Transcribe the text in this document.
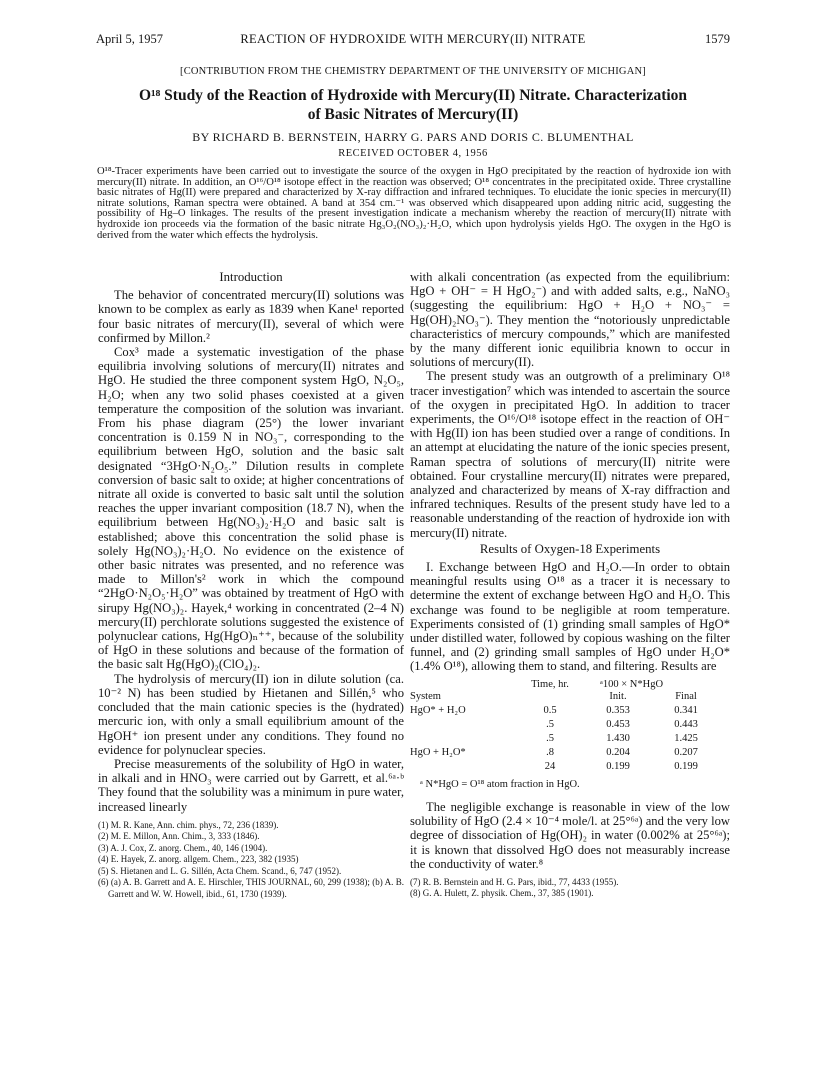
April 5, 1957	REACTION OF HYDROXIDE WITH MERCURY(II) NITRATE	1579
[CONTRIBUTION FROM THE CHEMISTRY DEPARTMENT OF THE UNIVERSITY OF MICHIGAN]
O¹⁸ Study of the Reaction of Hydroxide with Mercury(II) Nitrate. Characterization
of Basic Nitrates of Mercury(II)
BY RICHARD B. BERNSTEIN, HARRY G. PARS AND DORIS C. BLUMENTHAL
RECEIVED OCTOBER 4, 1956
O¹⁸-Tracer experiments have been carried out to investigate the source of the oxygen in HgO precipitated by the reaction of hydroxide ion with mercury(II) nitrate. In addition, an O¹⁶/O¹⁸ isotope effect in the reaction was observed; O¹⁸ concentrates in the precipitated oxide. Three crystalline basic nitrates of Hg(II) were prepared and characterized by X-ray diffraction and infrared techniques. To elucidate the ionic species in mercury(II) nitrate solutions, Raman spectra were obtained. A band at 354 cm.⁻¹ was observed which disappeared upon adding nitric acid, suggesting the possibility of Hg–O linkages. The results of the present investigation indicate a mechanism whereby the reaction of mercury(II) nitrate with hydroxide ion proceeds via the formation of the basic nitrate Hg₃O₂(NO₃)₂·H₂O, which upon hydrolysis yields HgO. The oxygen in the HgO is derived from the water which effects the hydrolysis.
Introduction

The behavior of concentrated mercury(II) solutions was known to be complex as early as 1839 when Kane¹ reported four basic nitrates of mercury(II), several of which were confirmed by Millon.²

Cox³ made a systematic investigation of the phase equilibria involving solutions of mercury(II) nitrates and HgO. He studied the three component system HgO, N₂O₅, H₂O; when any two solid phases coexisted at a given temperature the composition of the solution was invariant. From his phase diagram (25°) the lower invariant concentration is 0.159 N in NO₃⁻, corresponding to the equilibrium between HgO, solution and the basic salt designated “3HgO·N₂O₅.” Dilution results in complete conversion of basic salt to oxide; at higher concentrations of nitrate all oxide is converted to basic salt until the solution reaches the upper invariant composition (18.7 N), when the equilibrium between Hg(NO₃)₂·H₂O and basic salt is established; above this concentration the solid phase is solely Hg(NO₃)₂·H₂O. No evidence on the existence of other basic nitrates was presented, and no reference was made to Millon's² work in which the compound “2HgO·N₂O₅·H₂O” was obtained by treatment of HgO with sirupy Hg(NO₃)₂. Hayek,⁴ working in concentrated (2–4 N) mercury(II) perchlorate solutions suggested the existence of polynuclear cations, Hg(HgO)ₙ⁺⁺, because of the solubility of HgO in these solutions and because of the formation of the basic salt Hg(HgO)₂(ClO₄)₂.

The hydrolysis of mercury(II) ion in dilute solution (ca. 10⁻² N) has been studied by Hietanen and Sillén,⁵ who concluded that the main cationic species is the (hydrated) mercuric ion, with only a small equilibrium amount of the HgOH⁺ ion present under any conditions. They found no evidence for polynuclear species.

Precise measurements of the solubility of HgO in water, in alkali and in HNO₃ were carried out by Garrett, et al.⁶ᵃ·ᵇ They found that the solubility was a minimum in pure water, increased linearly

(1) M. R. Kane, Ann. chim. phys., 72, 236 (1839).
(2) M. E. Millon, Ann. Chim., 3, 333 (1846).
(3) A. J. Cox, Z. anorg. Chem., 40, 146 (1904).
(4) E. Hayek, Z. anorg. allgem. Chem., 223, 382 (1935)
(5) S. Hietanen and L. G. Sillén, Acta Chem. Scand., 6, 747 (1952).
(6) (a) A. B. Garrett and A. E. Hirschler, THIS JOURNAL, 60, 299 (1938); (b) A. B. Garrett and W. W. Howell, ibid., 61, 1730 (1939).

with alkali concentration (as expected from the equilibrium: HgO + OH⁻ = H HgO₂⁻) and with added salts, e.g., NaNO₃ (suggesting the equilibrium: HgO + H₂O + NO₃⁻ = Hg(OH)₂NO₃⁻). They mention the “notoriously unpredictable characteristics of mercury compounds,” which are manifested by the many different ionic equilibria known to occur in solutions of mercury(II).

The present study was an outgrowth of a preliminary O¹⁸ tracer investigation⁷ which was intended to ascertain the source of the oxygen in precipitated HgO. In addition to tracer experiments, the O¹⁶/O¹⁸ isotope effect in the reaction of OH⁻ with Hg(II) ion has been studied over a range of conditions. In an attempt at elucidating the nature of the ionic species present, Raman spectra of solutions of mercury(II) nitrite were obtained. Four crystalline mercury(II) nitrates were prepared, analyzed and characterized by means of X-ray diffraction and infrared techniques. Results of the present study have led to a reasonable understanding of the reaction of hydroxide ion with mercury(II) nitrate.

Results of Oxygen-18 Experiments

I. Exchange between HgO and H₂O.—In order to obtain meaningful results using O¹⁸ as a tracer it is necessary to determine the extent of exchange between HgO and H₂O. This exchange was found to be negligible at room temperature. Experiments consisted of (1) grinding small samples of HgO* under distilled water, followed by copious washing on the filter funnel, and (2) grinding small samples of HgO under H₂O* (1.4% O¹⁸), allowing them to stand, and filtering. Results are

System
Time, hr.	ᵃ100 × N*HgO
Init.	Final
HgO* + H₂O	0.5	0.353	0.341
.5	0.453	0.443
.5	1.430	1.425
HgO + H₂O*	.8	0.204	0.207
24	0.199	0.199
ᵃ N*HgO = O¹⁸ atom fraction in HgO.

The negligible exchange is reasonable in view of the low solubility of HgO (2.4 × 10⁻⁴ mole/l. at 25°⁶ᵃ) and the very low degree of dissociation of Hg(OH)₂ in water (0.002% at 25°⁶ᵃ); it is known that dissolved HgO does not measurably increase the conductivity of water.⁸

(7) R. B. Bernstein and H. G. Pars, ibid., 77, 4433 (1955).
(8) G. A. Hulett, Z. physik. Chem., 37, 385 (1901).
